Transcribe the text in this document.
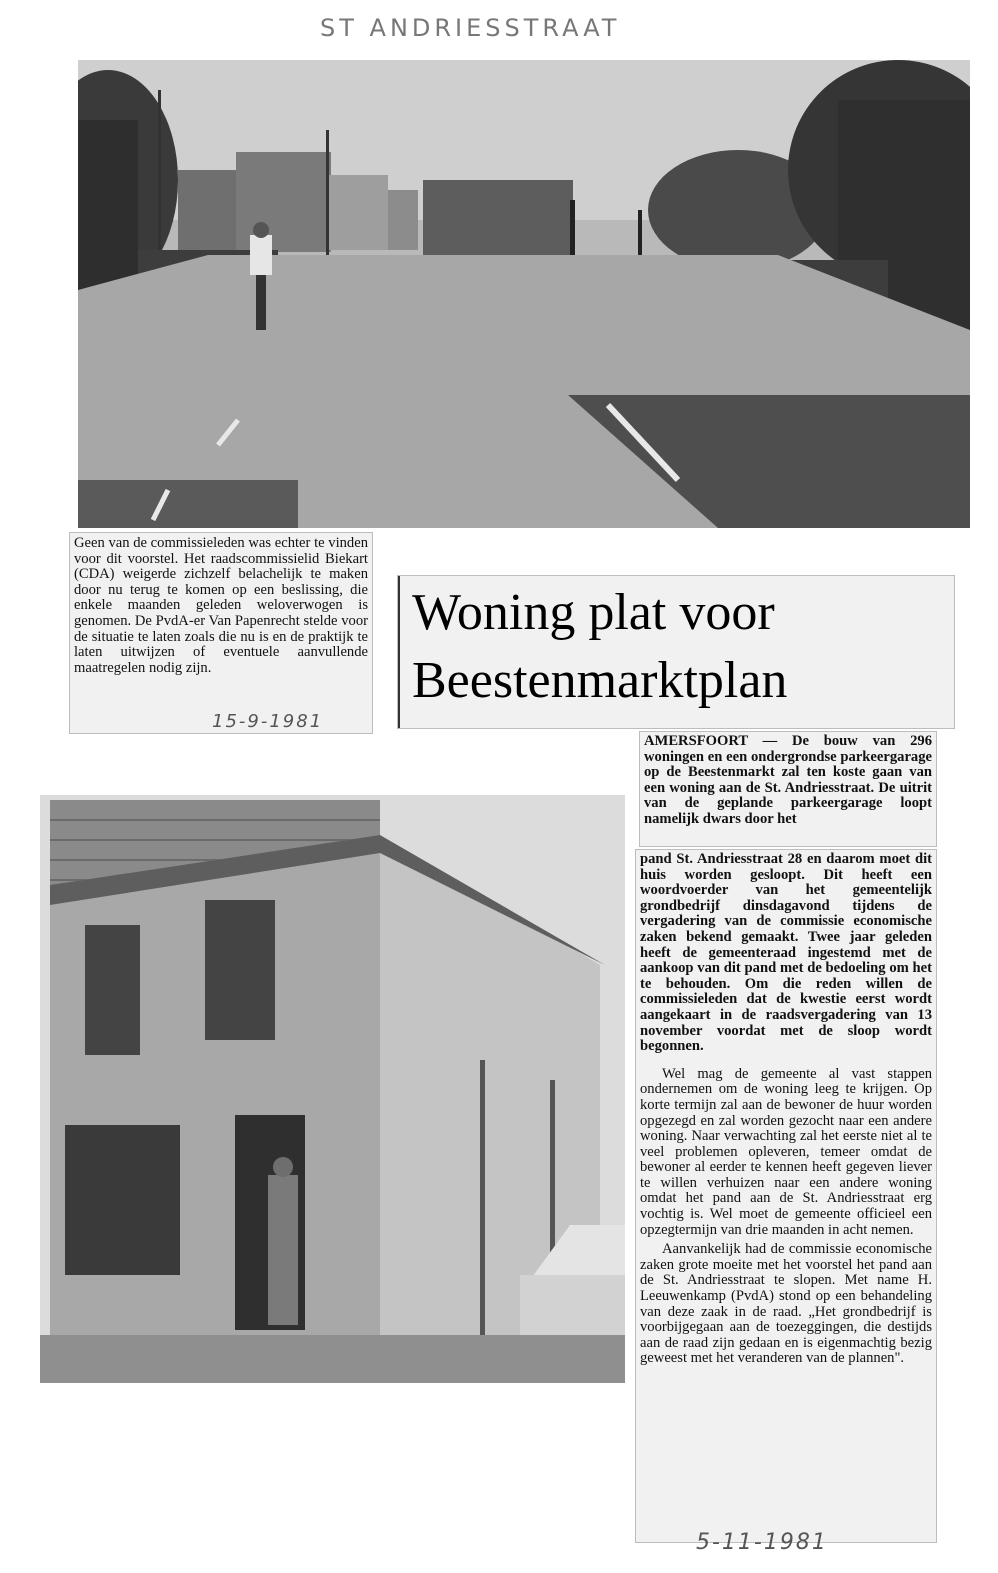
ST ANDRIESSTRAAT

Geen van de commissieleden was echter te vinden voor dit voorstel. Het raadscommissielid Biekart (CDA) weigerde zichzelf belachelijk te maken door nu terug te komen op een beslissing, die enkele maanden geleden weloverwogen is genomen. De PvdA-er Van Papenrecht stelde voor de situatie te laten zoals die nu is en de praktijk te laten uitwijzen of eventuele aanvullende maatregelen nodig zijn.

15-9-1981
Woning plat voor
Beestenmarktplan

AMERSFOORT — De bouw van 296 woningen en een ondergrondse parkeergarage op de Beestenmarkt zal ten koste gaan van een woning aan de St. Andriesstraat. De uitrit van de geplande parkeergarage loopt namelijk dwars door het

pand St. Andriesstraat 28 en daarom moet dit huis worden gesloopt. Dit heeft een woordvoerder van het gemeentelijk grondbedrijf dinsdagavond tijdens de vergadering van de commissie economische zaken bekend gemaakt. Twee jaar geleden heeft de gemeenteraad ingestemd met de aankoop van dit pand met de bedoeling om het te behouden. Om die reden willen de commissieleden dat de kwestie eerst wordt aangekaart in de raadsvergadering van 13 november voordat met de sloop wordt begonnen.

Wel mag de gemeente al vast stappen ondernemen om de woning leeg te krijgen. Op korte termijn zal aan de bewoner de huur worden opgezegd en zal worden gezocht naar een andere woning. Naar verwachting zal het eerste niet al te veel problemen opleveren, temeer omdat de bewoner al eerder te kennen heeft gegeven liever te willen verhuizen naar een andere woning omdat het pand aan de St. Andriesstraat erg vochtig is. Wel moet de gemeente officieel een opzegtermijn van drie maanden in acht nemen.

Aanvankelijk had de commissie economische zaken grote moeite met het voorstel het pand aan de St. Andriesstraat te slopen. Met name H. Leeuwenkamp (PvdA) stond op een behandeling van deze zaak in de raad. „Het grondbedrijf is voorbijgegaan aan de toezeggingen, die destijds aan de raad zijn gedaan en is eigenmachtig bezig geweest met het veranderen van de plannen".

5-11-1981
